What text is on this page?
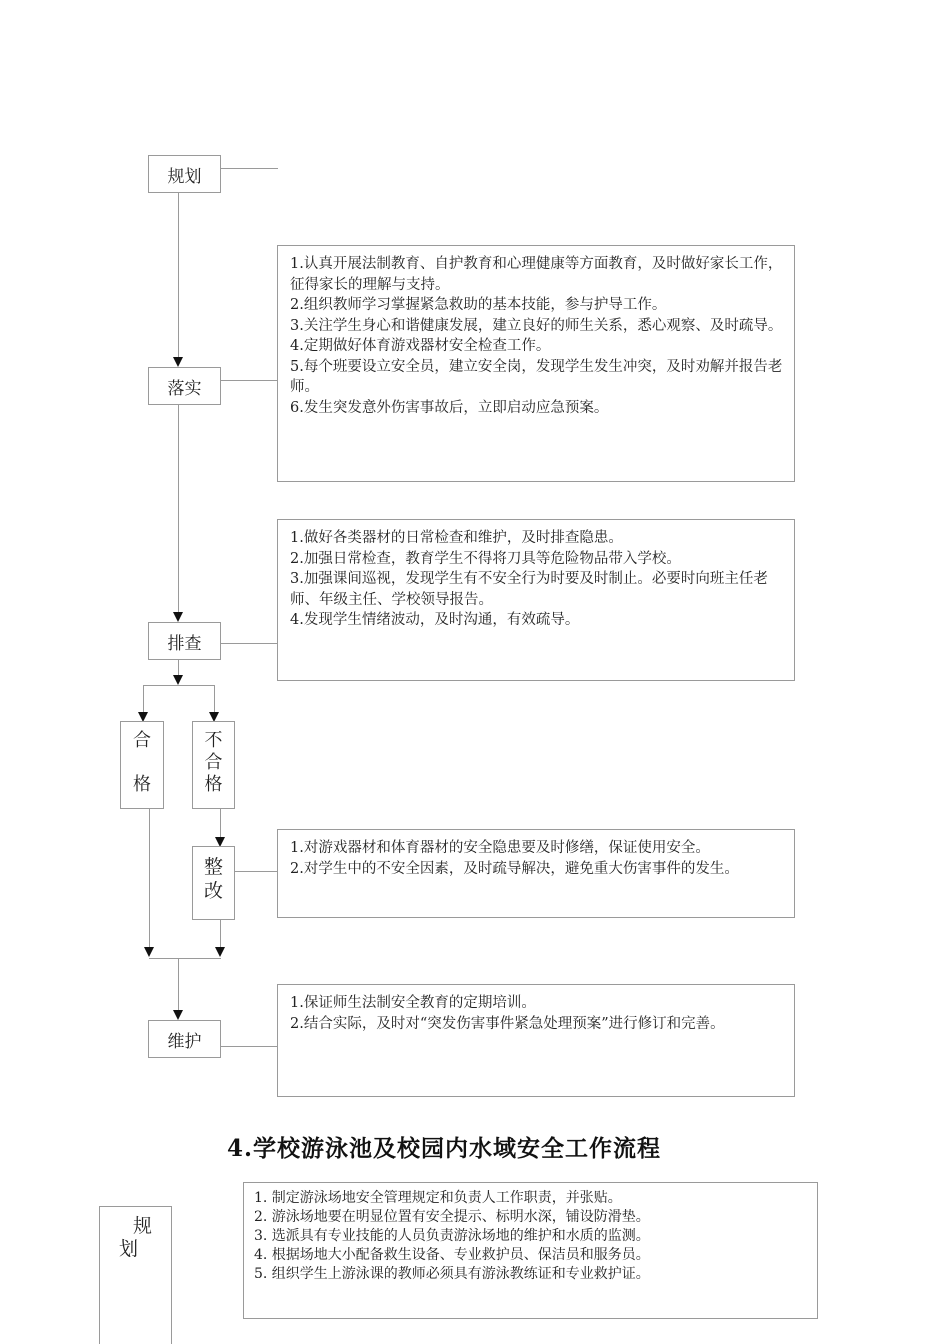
规划
落实
排查
合
格
不
合
格
整
改
维护
1.认真开展法制教育、自护教育和心理健康等方面教育，及时做好家长工作，征得家长的理解与支持。
2.组织教师学习掌握紧急救助的基本技能，参与护导工作。
3.关注学生身心和谐健康发展，建立良好的师生关系，悉心观察、及时疏导。
4.定期做好体育游戏器材安全检查工作。
5.每个班要设立安全员，建立安全岗，发现学生发生冲突，及时劝解并报告老师。
6.发生突发意外伤害事故后，立即启动应急预案。
1.做好各类器材的日常检查和维护，及时排查隐患。
2.加强日常检查，教育学生不得将刀具等危险物品带入学校。
3.加强课间巡视，发现学生有不安全行为时要及时制止。必要时向班主任老师、年级主任、学校领导报告。
4.发现学生情绪波动，及时沟通，有效疏导。
1.对游戏器材和体育器材的安全隐患要及时修缮，保证使用安全。
2.对学生中的不安全因素，及时疏导解决，避免重大伤害事件的发生。
1.保证师生法制安全教育的定期培训。
2.结合实际，及时对“突发伤害事件紧急处理预案”进行修订和完善。
4.学校游泳池及校园内水域安全工作流程
规
划
1. 制定游泳场地安全管理规定和负责人工作职责，并张贴。
2. 游泳场地要在明显位置有安全提示、标明水深，铺设防滑垫。
3. 选派具有专业技能的人员负责游泳场地的维护和水质的监测。
4. 根据场地大小配备救生设备、专业救护员、保洁员和服务员。
5. 组织学生上游泳课的教师必须具有游泳教练证和专业救护证。
